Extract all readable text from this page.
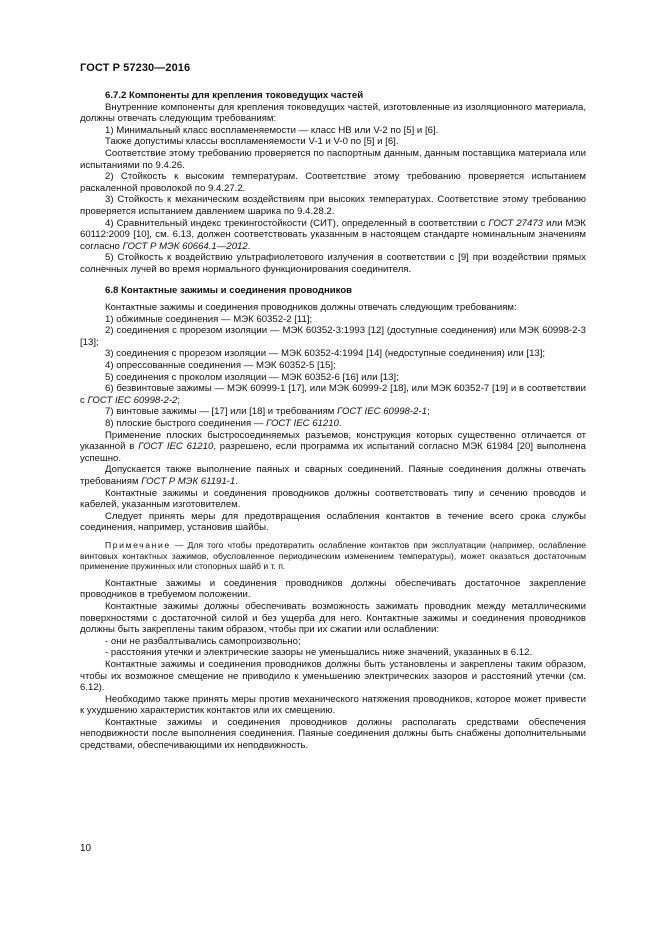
ГОСТ Р 57230—2016

6.7.2 Компоненты для крепления токоведущих частей

Внутренние компоненты для крепления токоведущих частей, изготовленные из изоляционного материала, должны отвечать следующим требованиям:

1) Минимальный класс воспламеняемости — класс НВ или V-2 по [5] и [6].

Также допустимы классы воспламеняемости V-1 и V-0 по [5] и [6].

Соответствие этому требованию проверяется по паспортным данным, данным поставщика материала или испытаниями по 9.4.26.

2) Стойкость к высоким температурам. Соответствие этому требованию проверяется испытанием раскаленной проволокой по 9.4.27.2.

3) Стойкость к механическим воздействиям при высоких температурах. Соответствие этому требованию проверяется испытанием давлением шарика по 9.4.28.2.

4) Сравнительный индекс трекингостойкости (СИТ), определенный в соответствии с ГОСТ 27473 или МЭК 60112:2009 [10], см. 6.13, должен соответствовать указанным в настоящем стандарте номинальным значениям согласно ГОСТ Р МЭК 60664.1—2012.

5) Стойкость к воздействию ультрафиолетового излучения в соответствии с [9] при воздействии прямых солнечных лучей во время нормального функционирования соединителя.

6.8 Контактные зажимы и соединения проводников

Контактные зажимы и соединения проводников должны отвечать следующим требованиям:

1) обжимные соединения — МЭК 60352-2 [11];

2) соединения с прорезом изоляции — МЭК 60352-3:1993 [12] (доступные соединения) или МЭК 60998-2-3 [13];

3) соединения с прорезом изоляции — МЭК 60352-4:1994 [14] (недоступные соединения) или [13];

4) опрессованные соединения — МЭК 60352-5 [15];

5) соединения с проколом изоляции — МЭК 60352-6 [16] или [13];

6) безвинтовые зажимы — МЭК 60999-1 [17], или МЭК 60999-2 [18], или МЭК 60352-7 [19] и в соответствии с ГОСТ IEC 60998-2-2;

7) винтовые зажимы — [17] или [18] и требованиям ГОСТ IEC 60998-2-1;

8) плоские быстрого соединения — ГОСТ IEC 61210.

Применение плоских быстросоединяемых разъемов, конструкция которых существенно отличается от указанной в ГОСТ IEC 61210, разрешено, если программа их испытаний согласно МЭК 61984 [20] выполнена успешно.

Допускается также выполнение паяных и сварных соединений. Паяные соединения должны отвечать требованиям ГОСТ Р МЭК 61191-1.

Контактные зажимы и соединения проводников должны соответствовать типу и сечению проводов и кабелей, указанным изготовителем.

Следует принять меры для предотвращения ослабления контактов в течение всего срока службы соединения, например, установив шайбы.

Примечание — Для того чтобы предотвратить ослабление контактов при эксплуатации (например, ослабление винтовых контактных зажимов, обусловленное периодическим изменением температуры), может оказаться достаточным применение пружинных или стопорных шайб и т. п.

Контактные зажимы и соединения проводников должны обеспечивать достаточное закрепление проводников в требуемом положении.

Контактные зажимы должны обеспечивать возможность зажимать проводник между металлическими поверхностями с достаточной силой и без ущерба для него. Контактные зажимы и соединения проводников должны быть закреплены таким образом, чтобы при их сжатии или ослаблении:

- они не разбалтывались самопроизвольно;

- расстояния утечки и электрические зазоры не уменьшались ниже значений, указанных в 6.12.

Контактные зажимы и соединения проводников должны быть установлены и закреплены таким образом, чтобы их возможное смещение не приводило к уменьшению электрических зазоров и расстояний утечки (см. 6.12).

Необходимо также принять меры против механического натяжения проводников, которое может привести к ухудшению характеристик контактов или их смещению.

Контактные зажимы и соединения проводников должны располагать средствами обеспечения неподвижности после выполнения соединения. Паяные соединения должны быть снабжены дополнительными средствами, обеспечивающими их неподвижность.

10
